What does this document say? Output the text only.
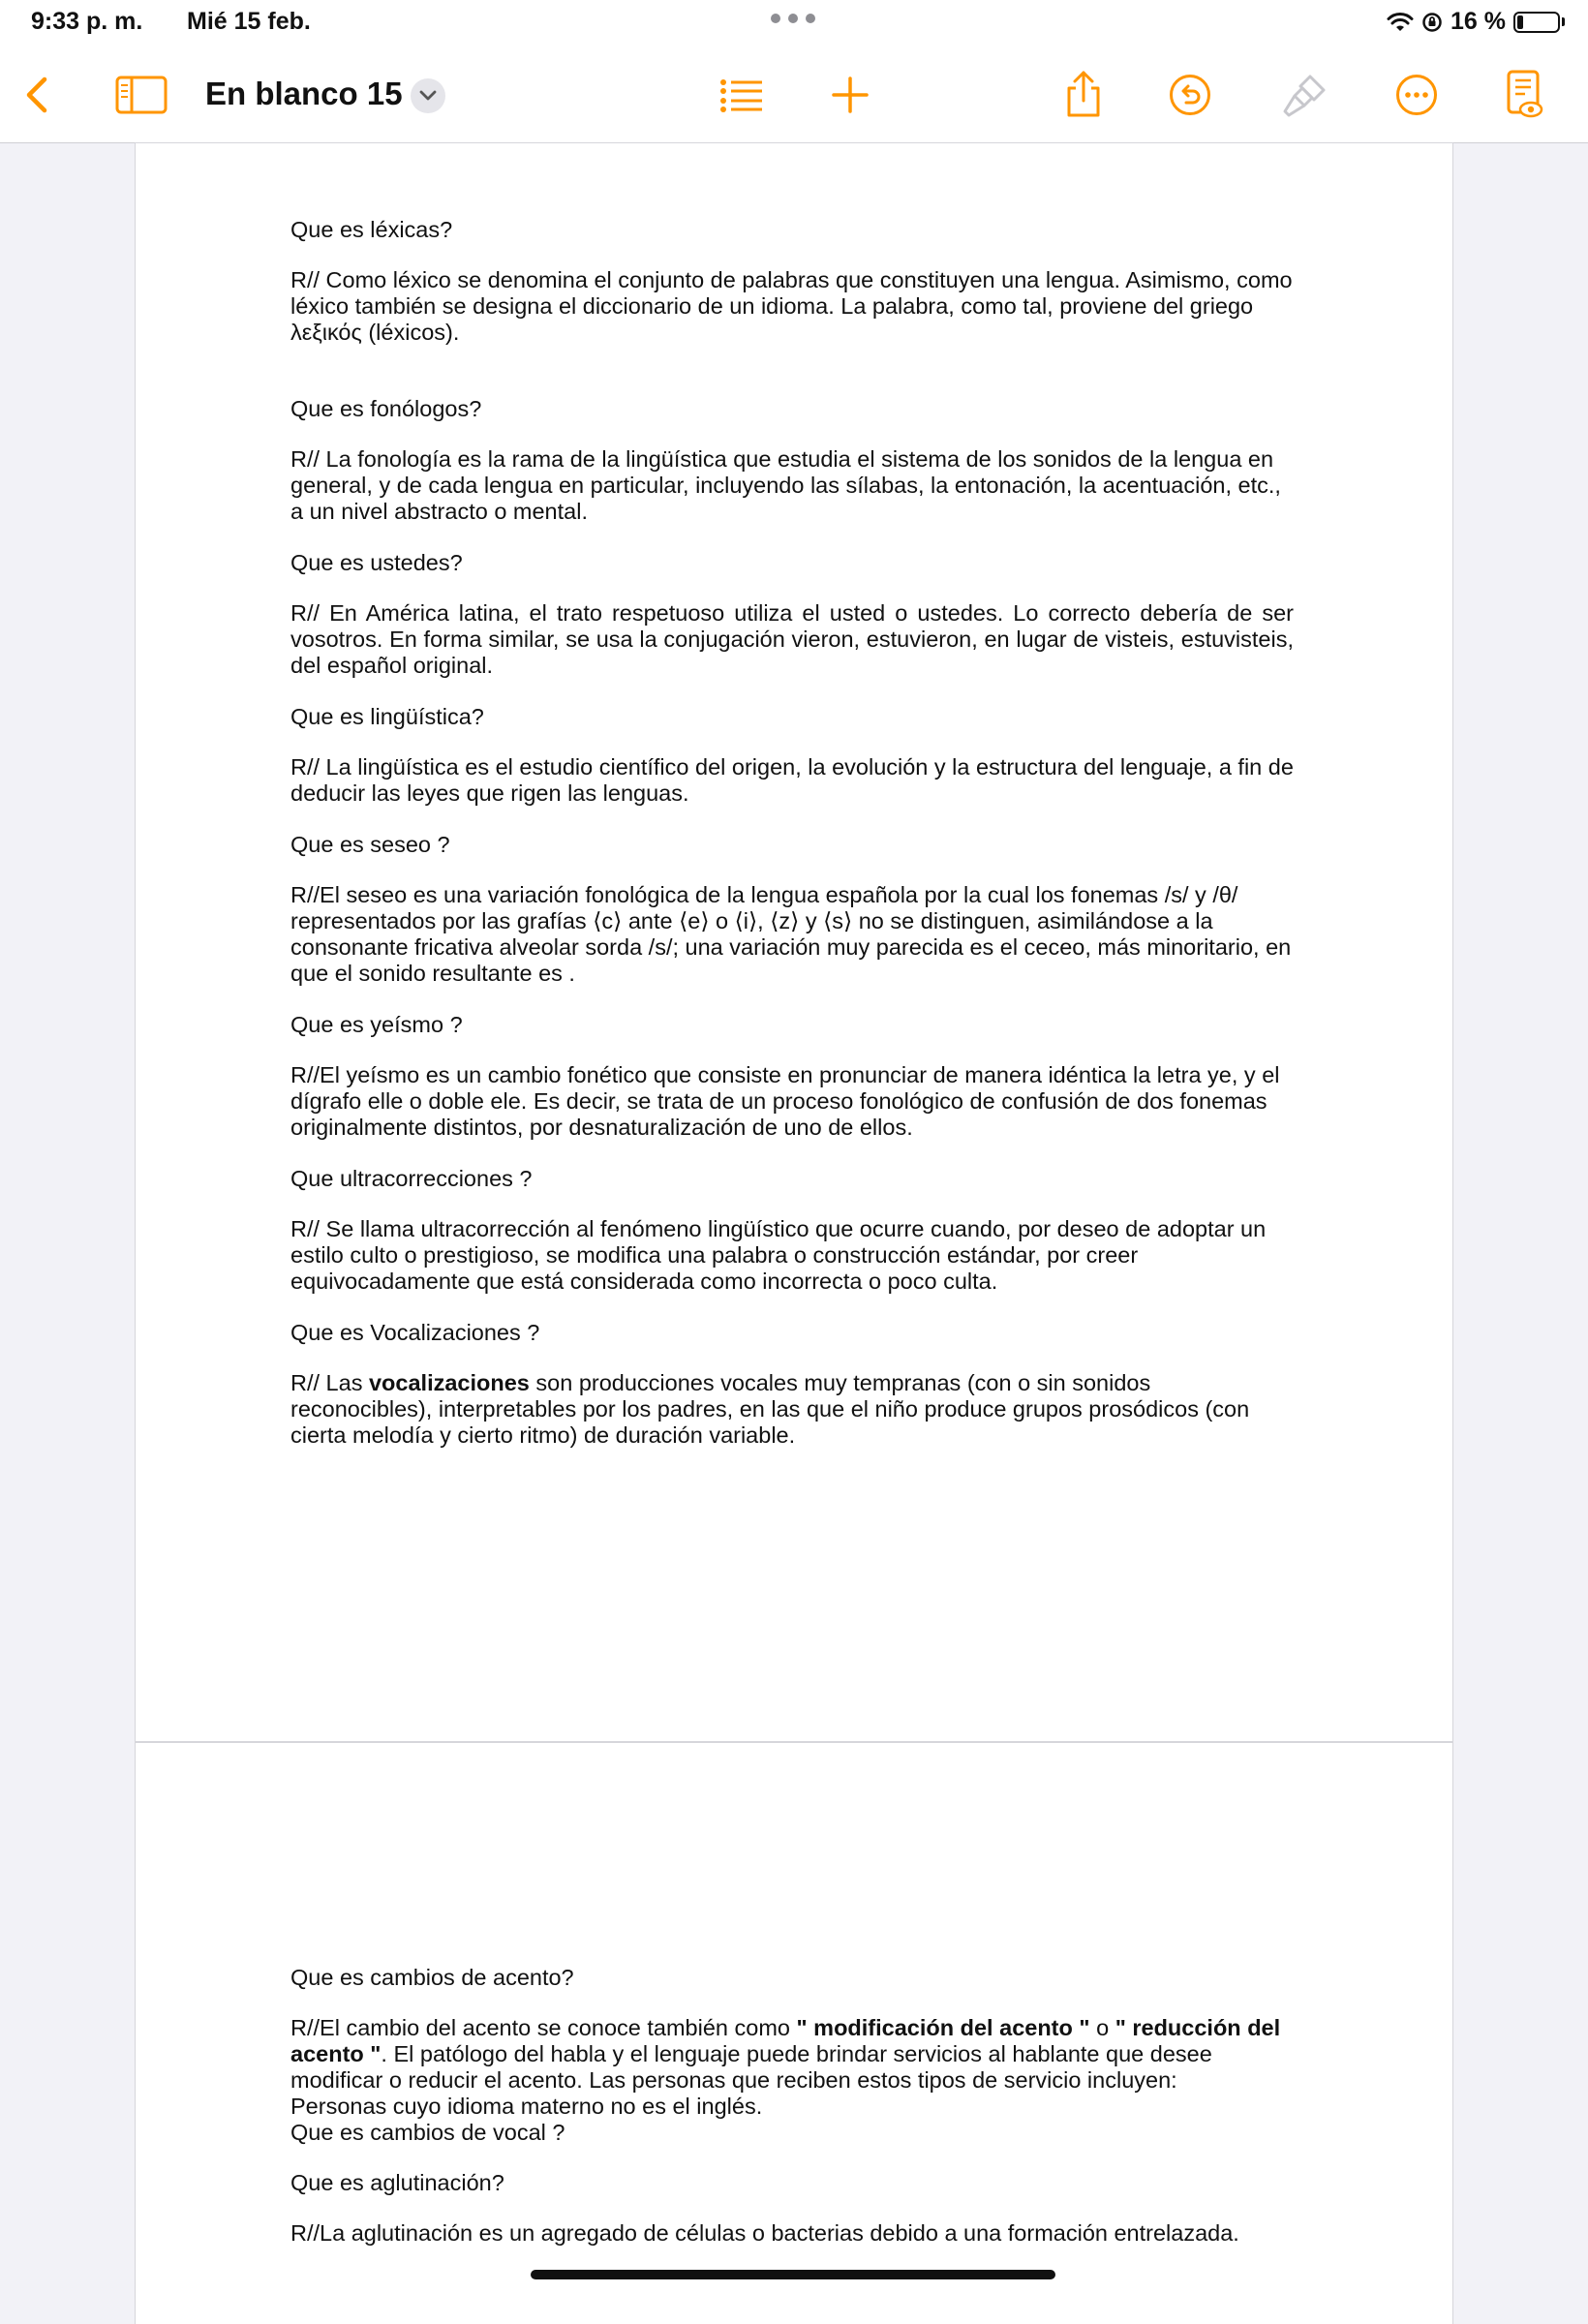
9:33 p. m. Mié 15 feb.	16 %
En blanco 15

Que es léxicas?

R// Como léxico se denomina el conjunto de palabras que constituyen una lengua. Asimismo, como léxico también se designa el diccionario de un idioma. La palabra, como tal, proviene del griego λεξικός (léxicos).

Que es fonólogos?

R// La fonología es la rama de la lingüística que estudia el sistema de los sonidos de la lengua en general, y de cada lengua en particular, incluyendo las sílabas, la entonación, la acentuación, etc., a un nivel abstracto o mental.

Que es ustedes?

R// En América latina, el trato respetuoso utiliza el usted o ustedes. Lo correcto debería de ser vosotros. En forma similar, se usa la conjugación vieron, estuvieron, en lugar de visteis, estuvisteis, del español original.

Que es lingüística?

R// La lingüística es el estudio científico del origen, la evolución y la estructura del lenguaje, a fin de deducir las leyes que rigen las lenguas.

Que es seseo ?

R//El seseo es una variación fonológica de la lengua española por la cual los fonemas /s/ y /θ/ representados por las grafías ⟨c⟩ ante ⟨e⟩ o ⟨i⟩, ⟨z⟩ y ⟨s⟩ no se distinguen, asimilándose a la consonante fricativa alveolar sorda /s/; una variación muy parecida es el ceceo, más minoritario, en que el sonido resultante es .

Que es yeísmo ?

R//El yeísmo es un cambio fonético que consiste en pronunciar de manera idéntica la letra ye, y el dígrafo elle o doble ele. Es decir, se trata de un proceso fonológico de confusión de dos fonemas originalmente distintos, por desnaturalización de uno de ellos.

Que ultracorrecciones ?

R// Se llama ultracorrección al fenómeno lingüístico que ocurre cuando, por deseo de adoptar un estilo culto o prestigioso, se modifica una palabra o construcción estándar, por creer equivocadamente que está considerada como incorrecta o poco culta.

Que es Vocalizaciones ?

R// Las vocalizaciones son producciones vocales muy tempranas (con o sin sonidos reconocibles), interpretables por los padres, en las que el niño produce grupos prosódicos (con cierta melodía y cierto ritmo) de duración variable.

Que es cambios de acento?

R//El cambio del acento se conoce también como " modificación del acento " o " reducción del acento ". El patólogo del habla y el lenguaje puede brindar servicios al hablante que desee modificar o reducir el acento. Las personas que reciben estos tipos de servicio incluyen:

Personas cuyo idioma materno no es el inglés.

Que es cambios de vocal ?

Que es aglutinación?

R//La aglutinación es un agregado de células o bacterias debido a una formación entrelazada.
